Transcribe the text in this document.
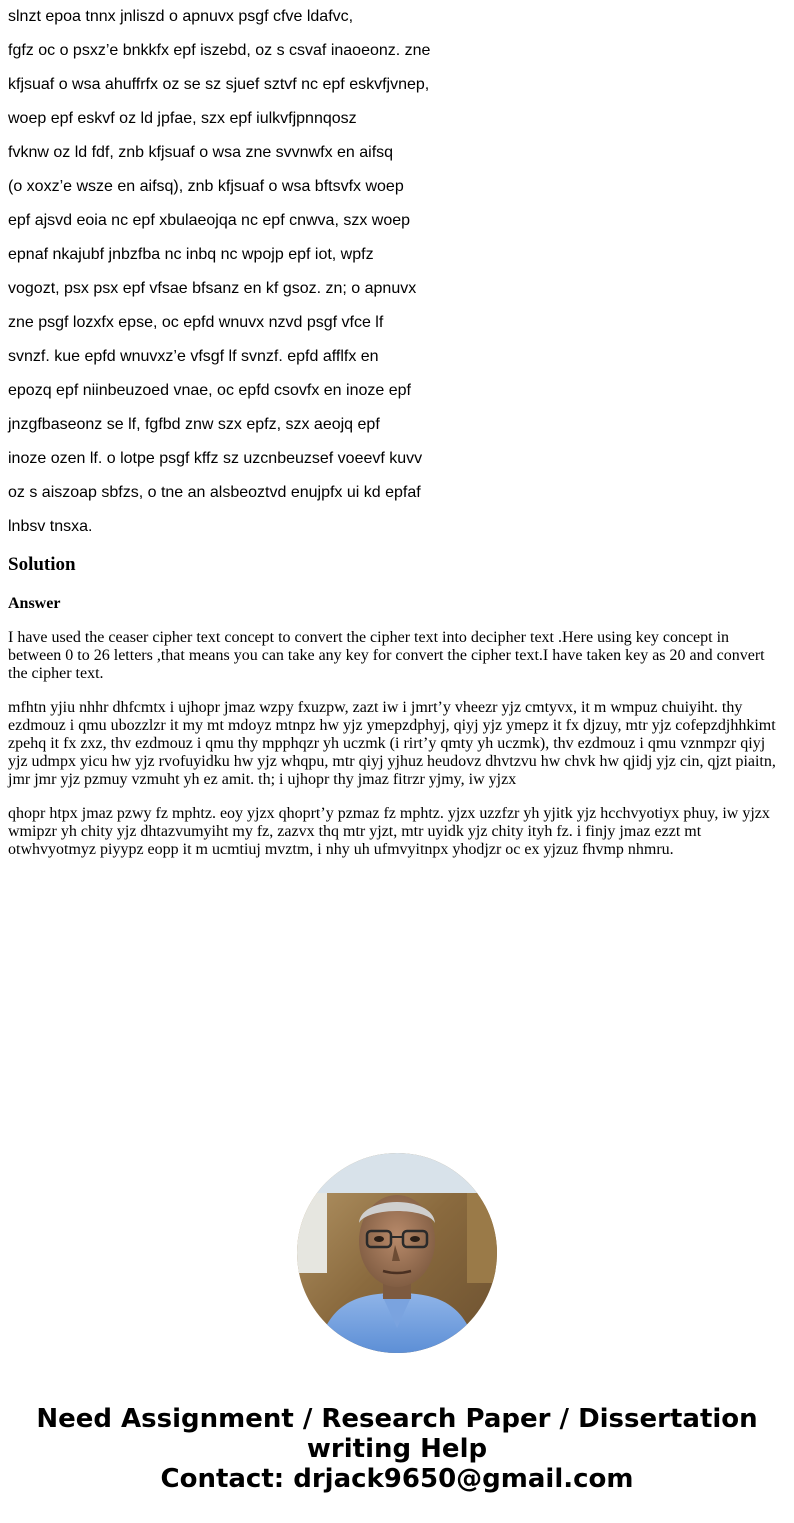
slnzt epoa tnnx jnliszd o apnuvx psgf cfve ldafvc,

fgfz oc o psxz’e bnkkfx epf iszebd, oz s csvaf inaoeonz. zne

kfjsuaf o wsa ahuffrfx oz se sz sjuef sztvf nc epf eskvfjvnep,

woep epf eskvf oz ld jpfae, szx epf iulkvfjpnnqosz

fvknw oz ld fdf, znb kfjsuaf o wsa zne svvnwfx en aifsq

(o xoxz’e wsze en aifsq), znb kfjsuaf o wsa bftsvfx woep

epf ajsvd eoia nc epf xbulaeojqa nc epf cnwva, szx woep

epnaf nkajubf jnbzfba nc inbq nc wpojp epf iot, wpfz

vogozt, psx psx epf vfsae bfsanz en kf gsoz. zn; o apnuvx

zne psgf lozxfx epse, oc epfd wnuvx nzvd psgf vfce lf

svnzf. kue epfd wnuvxz’e vfsgf lf svnzf. epfd afflfx en

epozq epf niinbeuzoed vnae, oc epfd csovfx en inoze epf

jnzgfbaseonz se lf, fgfbd znw szx epfz, szx aeojq epf

inoze ozen lf. o lotpe psgf kffz sz uzcnbeuzsef voeevf kuvv

oz s aiszoap sbfzs, o tne an alsbeoztvd enujpfx ui kd epfaf

lnbsv tnsxa.

Solution
Answer

I have used the ceaser cipher text concept to convert the cipher text into decipher text .Here using key concept in between 0 to 26 letters ,that means you can take any key for convert the cipher text.I have taken key as 20 and convert the cipher text.

mfhtn yjiu nhhr dhfcmtx i ujhopr jmaz wzpy fxuzpw, zazt iw i jmrt’y vheezr yjz cmtyvx, it m wmpuz chuiyiht. thy ezdmouz i qmu ubozzlzr it my mt mdoyz mtnpz hw yjz ymepzdphyj, qiyj yjz ymepz it fx djzuy, mtr yjz cofepzdjhhkimt zpehq it fx zxz, thv ezdmouz i qmu thy mpphqzr yh uczmk (i rirt’y qmty yh uczmk), thv ezdmouz i qmu vznmpzr qiyj yjz udmpx yicu hw yjz rvofuyidku hw yjz whqpu, mtr qiyj yjhuz heudovz dhvtzvu hw chvk hw qjidj yjz cin, qjzt piaitn, jmr jmr yjz pzmuy vzmuht yh ez amit. th; i ujhopr thy jmaz fitrzr yjmy, iw yjzx

qhopr htpx jmaz pzwy fz mphtz. eoy yjzx qhoprt’y pzmaz fz mphtz. yjzx uzzfzr yh yjitk yjz hcchvyotiyx phuy, iw yjzx wmipzr yh chity yjz dhtazvumyiht my fz, zazvx thq mtr yjzt, mtr uyidk yjz chity ityh fz. i finjy jmaz ezzt mt otwhvyotmyz piyypz eopp it m ucmtiuj mvztm, i nhy uh ufmvyitnpx yhodjzr oc ex yjzuz fhvmp nhmru.

Need Assignment / Research Paper / Dissertation
writing Help
Contact: drjack9650@gmail.com
